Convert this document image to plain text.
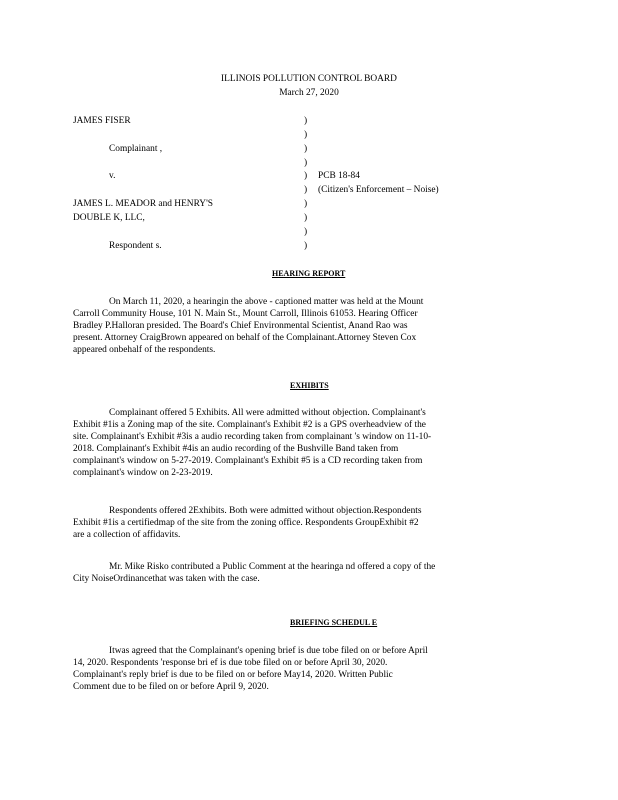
ILLINOIS POLLUTION CONTROL BOARD
March 27, 2020
JAMES FISER
Complainant ,
v.
JAMES L. MEADOR and HENRY'S
DOUBLE K, LLC,
Respondent s.
PCB 18-84
(Citizen's Enforcement – Noise)
)
)
)
)
)
)
)
)
)
)
HEARING REPORT
On March 11, 2020, a hearingin the above - captioned matter was held at the Mount
Carroll Community House, 101 N. Main St., Mount Carroll, Illinois 61053. Hearing Officer
Bradley P.Halloran presided. The Board's Chief Environmental Scientist, Anand Rao was
present. Attorney CraigBrown appeared on behalf of the Complainant.Attorney Steven Cox
appeared onbehalf of the respondents.
EXHIBITS
Complainant offered 5 Exhibits. All were admitted without objection. Complainant's
Exhibit #1is a Zoning map of the site. Complainant's Exhibit #2 is a GPS overheadview of the
site. Complainant's Exhibit #3is a audio recording taken from complainant 's window on 11-10-
2018. Complainant's Exhibit #4is an audio recording of the Bushville Band taken from
complainant's window on 5-27-2019. Complainant's Exhibit #5 is a CD recording taken from
complainant's window on 2-23-2019.
Respondents offered 2Exhibits. Both were admitted without objection.Respondents
Exhibit #1is a certifiedmap of the site from the zoning office. Respondents GroupExhibit #2
are a collection of affidavits.
Mr. Mike Risko contributed a Public Comment at the hearinga nd offered a copy of the
City NoiseOrdinancethat was taken with the case.
BRIEFING SCHEDUL E
Itwas agreed that the Complainant's opening brief is due tobe filed on or before April
14, 2020. Respondents 'response bri ef is due tobe filed on or before April 30, 2020.
Complainant's reply brief is due to be filed on or before May14, 2020. Written Public
Comment due to be filed on or before April 9, 2020.
